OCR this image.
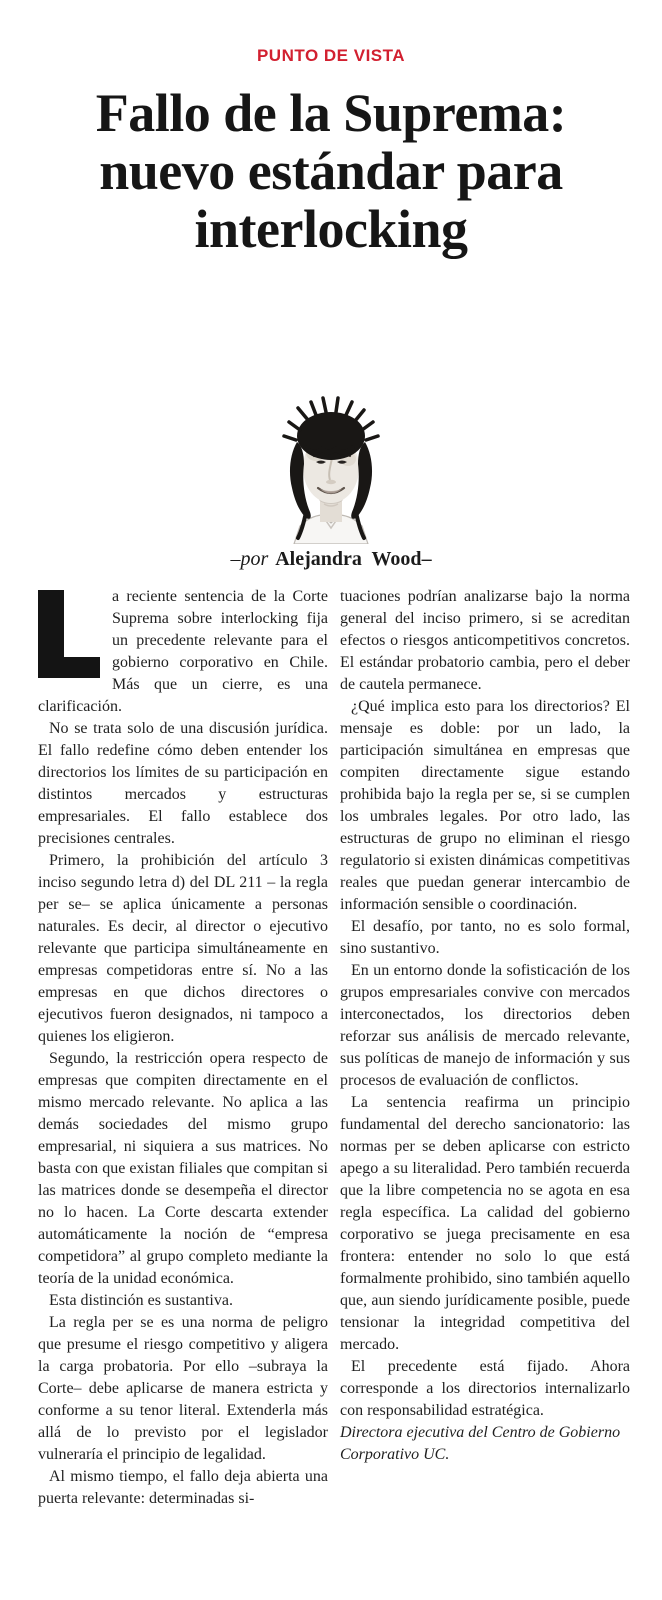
PUNTO DE VISTA
Fallo de la Suprema:
nuevo estándar para
interlocking
–por Alejandra Wood–

a reciente sentencia de la Corte Suprema sobre interlocking fija un precedente relevante para el gobierno corporativo en Chile. Más que un cierre, es una clarificación.

No se trata solo de una discusión jurídica. El fallo redefine cómo deben entender los directorios los límites de su participación en distintos mercados y estructuras empresariales. El fallo establece dos precisiones centrales.

Primero, la prohibición del artículo 3 inciso segundo letra d) del DL 211 – la regla per se– se aplica únicamente a personas naturales. Es decir, al director o ejecutivo relevante que participa simultáneamente en empresas competidoras entre sí. No a las empresas en que dichos directores o ejecutivos fueron designados, ni tampoco a quienes los eligieron.

Segundo, la restricción opera respecto de empresas que compiten directamente en el mismo mercado relevante. No aplica a las demás sociedades del mismo grupo empresarial, ni siquiera a sus matrices. No basta con que existan filiales que compitan si las matrices donde se desempeña el director no lo hacen. La Corte descarta extender automáticamente la noción de “empresa competidora” al grupo completo mediante la teoría de la unidad económica.

Esta distinción es sustantiva.

La regla per se es una norma de peligro que presume el riesgo competitivo y aligera la carga probatoria. Por ello –subraya la Corte– debe aplicarse de manera estricta y conforme a su tenor literal. Extenderla más allá de lo previsto por el legislador vulneraría el principio de legalidad.

Al mismo tiempo, el fallo deja abierta una puerta relevante: determinadas si-

tuaciones podrían analizarse bajo la norma general del inciso primero, si se acreditan efectos o riesgos anticompetitivos concretos. El estándar probatorio cambia, pero el deber de cautela permanece.

¿Qué implica esto para los directorios? El mensaje es doble: por un lado, la participación simultánea en empresas que compiten directamente sigue estando prohibida bajo la regla per se, si se cumplen los umbrales legales. Por otro lado, las estructuras de grupo no eliminan el riesgo regulatorio si existen dinámicas competitivas reales que puedan generar intercambio de información sensible o coordinación.

El desafío, por tanto, no es solo formal, sino sustantivo.

En un entorno donde la sofisticación de los grupos empresariales convive con mercados interconectados, los directorios deben reforzar sus análisis de mercado relevante, sus políticas de manejo de información y sus procesos de evaluación de conflictos.

La sentencia reafirma un principio fundamental del derecho sancionatorio: las normas per se deben aplicarse con estricto apego a su literalidad. Pero también recuerda que la libre competencia no se agota en esa regla específica. La calidad del gobierno corporativo se juega precisamente en esa frontera: entender no solo lo que está formalmente prohibido, sino también aquello que, aun siendo jurídicamente posible, puede tensionar la integridad competitiva del mercado.

El precedente está fijado. Ahora corresponde a los directorios internalizarlo con responsabilidad estratégica.

Directora ejecutiva del Centro de Gobierno Corporativo UC.
